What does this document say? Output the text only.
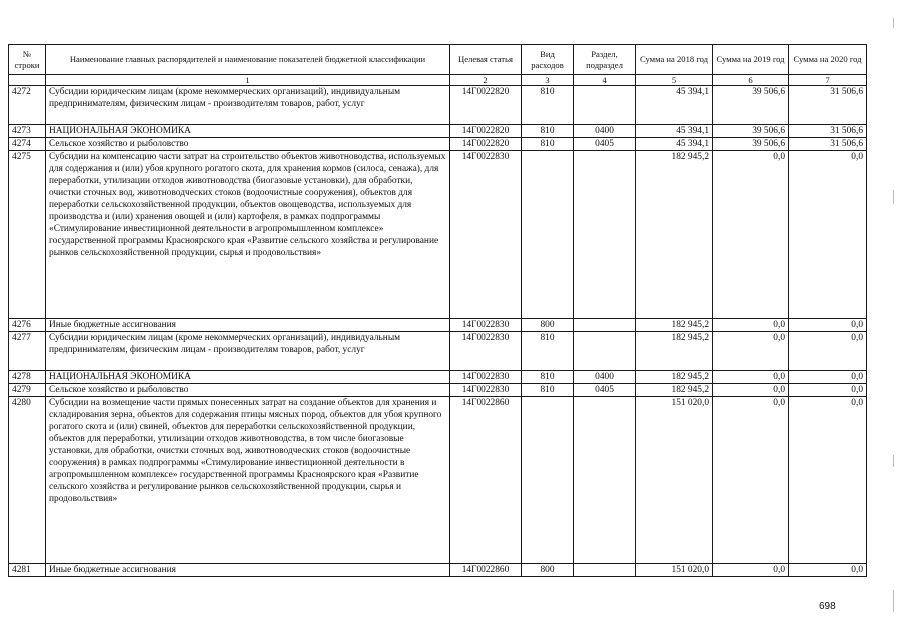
№ строки	Наименование главных распорядителей и наименование показателей бюджетной классификации	Целевая статья	Вид расходов	Раздел, подраздел	Сумма на 2018 год	Сумма на 2019 год	Сумма на 2020 год
	1	2	3	4	5	6	7
4272	Субсидии юридическим лицам (кроме некоммерческих организаций), индивидуальным предпринимателям, физическим лицам - производителям товаров, работ, услуг	14Г0022820	810		45 394,1	39 506,6	31 506,6
4273	НАЦИОНАЛЬНАЯ ЭКОНОМИКА	14Г0022820	810	0400	45 394,1	39 506,6	31 506,6
4274	Сельское хозяйство и рыболовство	14Г0022820	810	0405	45 394,1	39 506,6	31 506,6
4275	Субсидии на компенсацию части затрат на строительство объектов животноводства, используемых для содержания и (или) убоя крупного рогатого скота, для хранения кормов (силоса, сенажа), для переработки, утилизации отходов животноводства (биогазовые установки), для обработки, очистки сточных вод, животноводческих стоков (водоочистные сооружения), объектов для переработки сельскохозяйственной продукции, объектов овощеводства, используемых для производства и (или) хранения овощей и (или) картофеля, в рамках подпрограммы «Стимулирование инвестиционной деятельности в агропромышленном комплексе» государственной программы Красноярского края «Развитие сельского хозяйства и регулирование рынков сельскохозяйственной продукции, сырья и продовольствия»	14Г0022830			182 945,2	0,0	0,0
4276	Иные бюджетные ассигнования	14Г0022830	800		182 945,2	0,0	0,0
4277	Субсидии юридическим лицам (кроме некоммерческих организаций), индивидуальным предпринимателям, физическим лицам - производителям товаров, работ, услуг	14Г0022830	810		182 945,2	0,0	0,0
4278	НАЦИОНАЛЬНАЯ ЭКОНОМИКА	14Г0022830	810	0400	182 945,2	0,0	0,0
4279	Сельское хозяйство и рыболовство	14Г0022830	810	0405	182 945,2	0,0	0,0
4280	Субсидии на возмещение части прямых понесенных затрат на создание объектов для хранения и складирования зерна, объектов для содержания птицы мясных пород, объектов для убоя крупного рогатого скота и (или) свиней, объектов для переработки сельскохозяйственной продукции, объектов для переработки, утилизации отходов животноводства, в том числе биогазовые установки, для обработки, очистки сточных вод, животноводческих стоков (водоочистные сооружения) в рамках подпрограммы «Стимулирование инвестиционной деятельности в агропромышленном комплексе» государственной программы Красноярского края «Развитие сельского хозяйства и регулирование рынков сельскохозяйственной продукции, сырья и продовольствия»	14Г0022860			151 020,0	0,0	0,0
4281	Иные бюджетные ассигнования	14Г0022860	800		151 020,0	0,0	0,0
698
